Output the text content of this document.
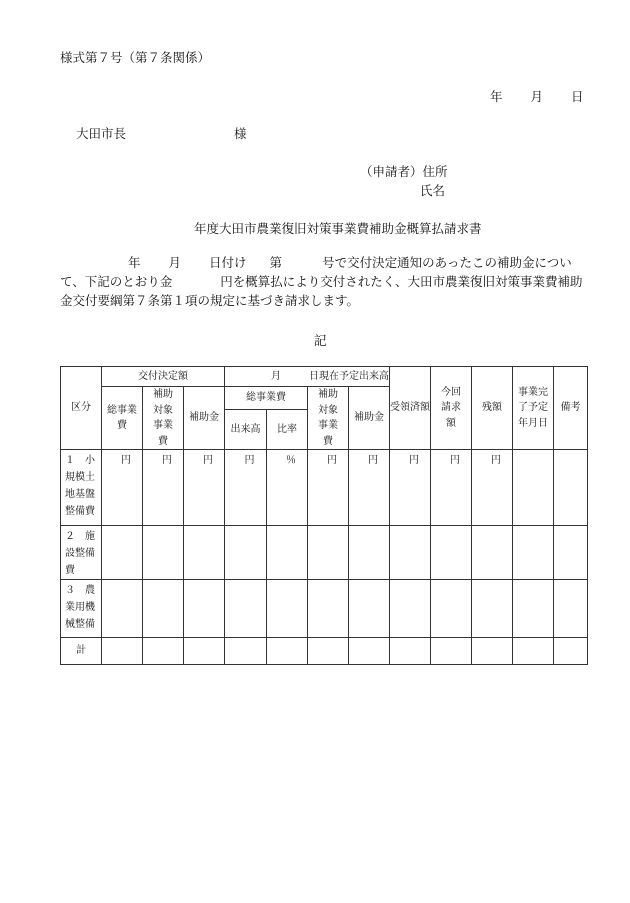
様式第７号（第７条関係）
年 月 日
大田市長	様
（申請者）住所
氏名
年度大田市農業復旧対策事業費補助金概算払請求書
年 月 日付け 第	号で交付決定通知のあったこの補助金について、下記のとおり金	円を概算払により交付されたく、大田市農業復旧対策事業費補助金交付要綱第７条第１項の規定に基づき請求します。
記
区分	交付決定額			月 日現在予定出来高				受領済額	今回請求額	残額	事業完了予定年月日	備考
	総事業費	補助対象事業費	補助金	総事業費		補助対象事業費	補助金					
				出来高	比率							
１　小規模土地基盤整備費	円	円	円	円	％	円	円	円	円	円		
２　施設整備費												
３　農業用機械整備												
計												
